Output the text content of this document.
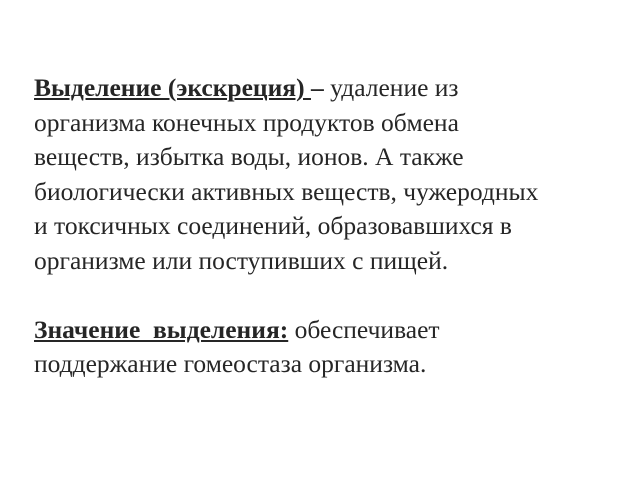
Выделение (экскреция) – удаление из
организма конечных продуктов обмена
веществ, избытка воды, ионов. А также
биологически активных веществ, чужеродных
и токсичных соединений, образовавшихся в
организме или поступивших с пищей.

Значение  выделения: обеспечивает
поддержание гомеостаза организма.
